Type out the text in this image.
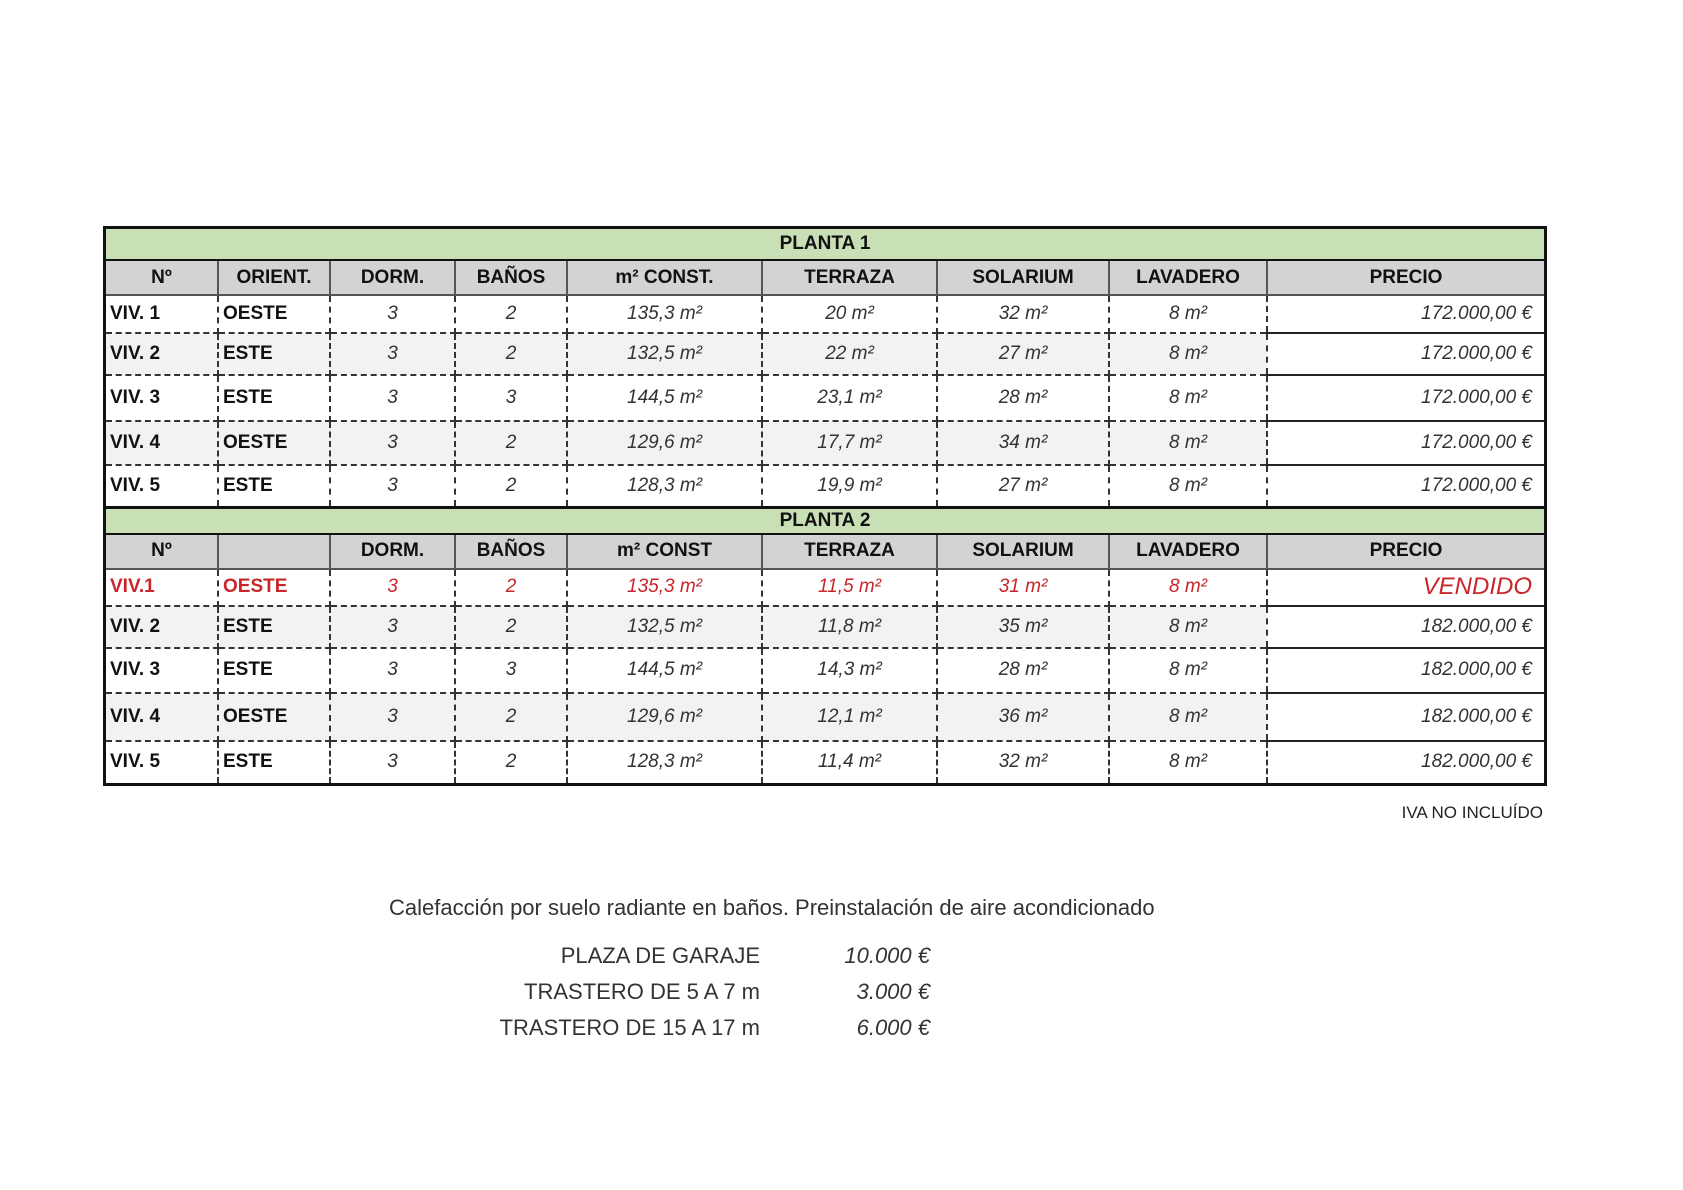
PLANTA 1								
Nº	ORIENT.	DORM.	BAÑOS	m² CONST.	TERRAZA	SOLARIUM	LAVADERO	PRECIO
VIV. 1	OESTE	3	2	135,3 m²	20 m²	32 m²	8 m²	172.000,00 €
VIV. 2	ESTE	3	2	132,5 m²	22 m²	27 m²	8 m²	172.000,00 €
VIV. 3	ESTE	3	3	144,5 m²	23,1 m²	28 m²	8 m²	172.000,00 €
VIV. 4	OESTE	3	2	129,6 m²	17,7 m²	34 m²	8 m²	172.000,00 €
VIV. 5	ESTE	3	2	128,3 m²	19,9 m²	27 m²	8 m²	172.000,00 €
PLANTA 2								
Nº		DORM.	BAÑOS	m² CONST	TERRAZA	SOLARIUM	LAVADERO	PRECIO
VIV.1	OESTE	3	2	135,3 m²	11,5 m²	31 m²	8 m²	VENDIDO
VIV. 2	ESTE	3	2	132,5 m²	11,8 m²	35 m²	8 m²	182.000,00 €
VIV. 3	ESTE	3	3	144,5 m²	14,3 m²	28 m²	8 m²	182.000,00 €
VIV. 4	OESTE	3	2	129,6 m²	12,1 m²	36 m²	8 m²	182.000,00 €
VIV. 5	ESTE	3	2	128,3 m²	11,4 m²	32 m²	8 m²	182.000,00 €
IVA NO INCLUÍDO
Calefacción por suelo radiante en baños. Preinstalación de aire acondicionado
PLAZA DE GARAJE	10.000 €
TRASTERO DE 5 A 7 m	3.000 €
TRASTERO DE 15 A 17 m	6.000 €
